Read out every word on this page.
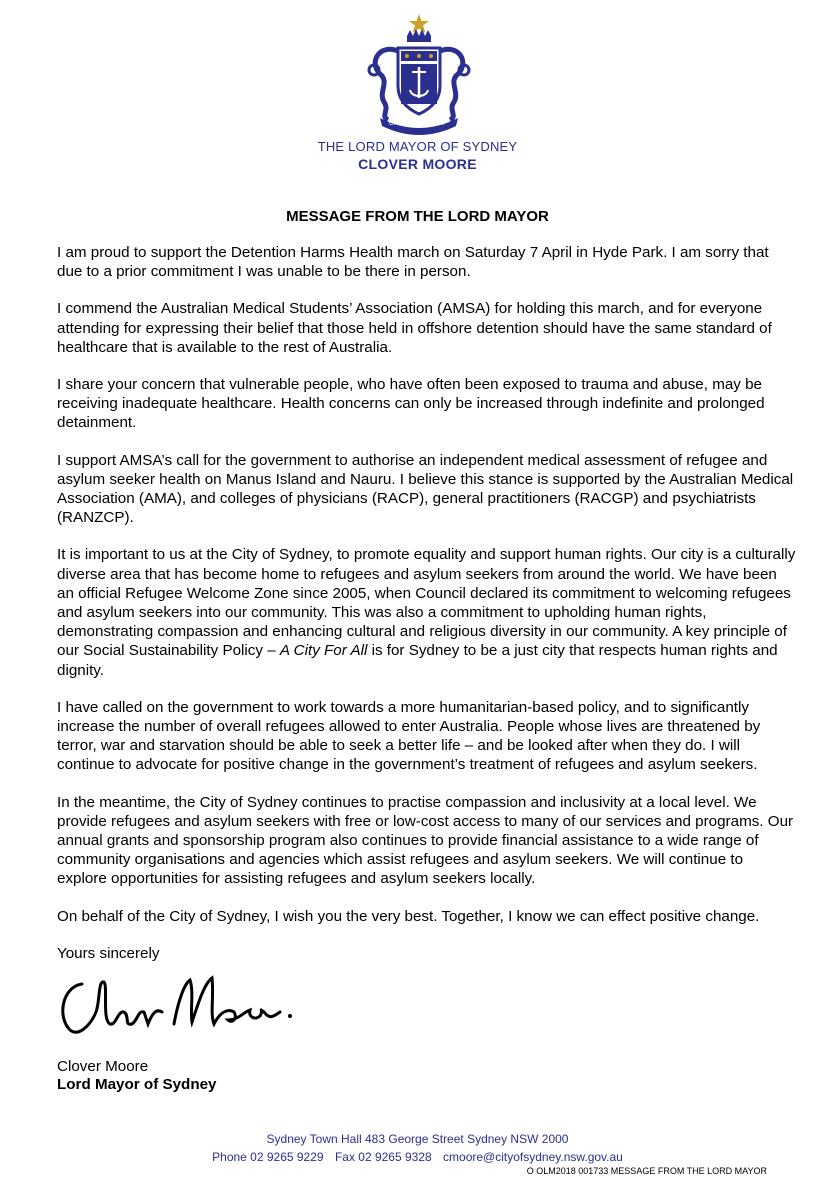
CITY OF SYDNEY
THE LORD MAYOR OF SYDNEY
CLOVER MOORE
MESSAGE FROM THE LORD MAYOR

I am proud to support the Detention Harms Health march on Saturday 7 April in Hyde Park. I am sorry that due to a prior commitment I was unable to be there in person.

I commend the Australian Medical Students’ Association (AMSA) for holding this march, and for everyone attending for expressing their belief that those held in offshore detention should have the same standard of healthcare that is available to the rest of Australia.

I share your concern that vulnerable people, who have often been exposed to trauma and abuse, may be receiving inadequate healthcare. Health concerns can only be increased through indefinite and prolonged detainment.

I support AMSA’s call for the government to authorise an independent medical assessment of refugee and asylum seeker health on Manus Island and Nauru. I believe this stance is supported by the Australian Medical Association (AMA), and colleges of physicians (RACP), general practitioners (RACGP) and psychiatrists (RANZCP).

It is important to us at the City of Sydney, to promote equality and support human rights. Our city is a culturally diverse area that has become home to refugees and asylum seekers from around the world. We have been an official Refugee Welcome Zone since 2005, when Council declared its commitment to welcoming refugees and asylum seekers into our community. This was also a commitment to upholding human rights, demonstrating compassion and enhancing cultural and religious diversity in our community. A key principle of our Social Sustainability Policy – A City For All is for Sydney to be a just city that respects human rights and dignity.

I have called on the government to work towards a more humanitarian-based policy, and to significantly increase the number of overall refugees allowed to enter Australia. People whose lives are threatened by terror, war and starvation should be able to seek a better life – and be looked after when they do. I will continue to advocate for positive change in the government’s treatment of refugees and asylum seekers.

In the meantime, the City of Sydney continues to practise compassion and inclusivity at a local level. We provide refugees and asylum seekers with free or low-cost access to many of our services and programs. Our annual grants and sponsorship program also continues to provide financial assistance to a wide range of community organisations and agencies which assist refugees and asylum seekers. We will continue to explore opportunities for assisting refugees and asylum seekers locally.

On behalf of the City of Sydney, I wish you the very best. Together, I know we can effect positive change.

Yours sincerely

Clover Moore
Lord Mayor of Sydney
Sydney Town Hall 483 George Street Sydney NSW 2000
Phone 02 9265 9229 Fax 02 9265 9328 cmoore@cityofsydney.nsw.gov.au
O OLM2018 001733 MESSAGE FROM THE LORD MAYOR
